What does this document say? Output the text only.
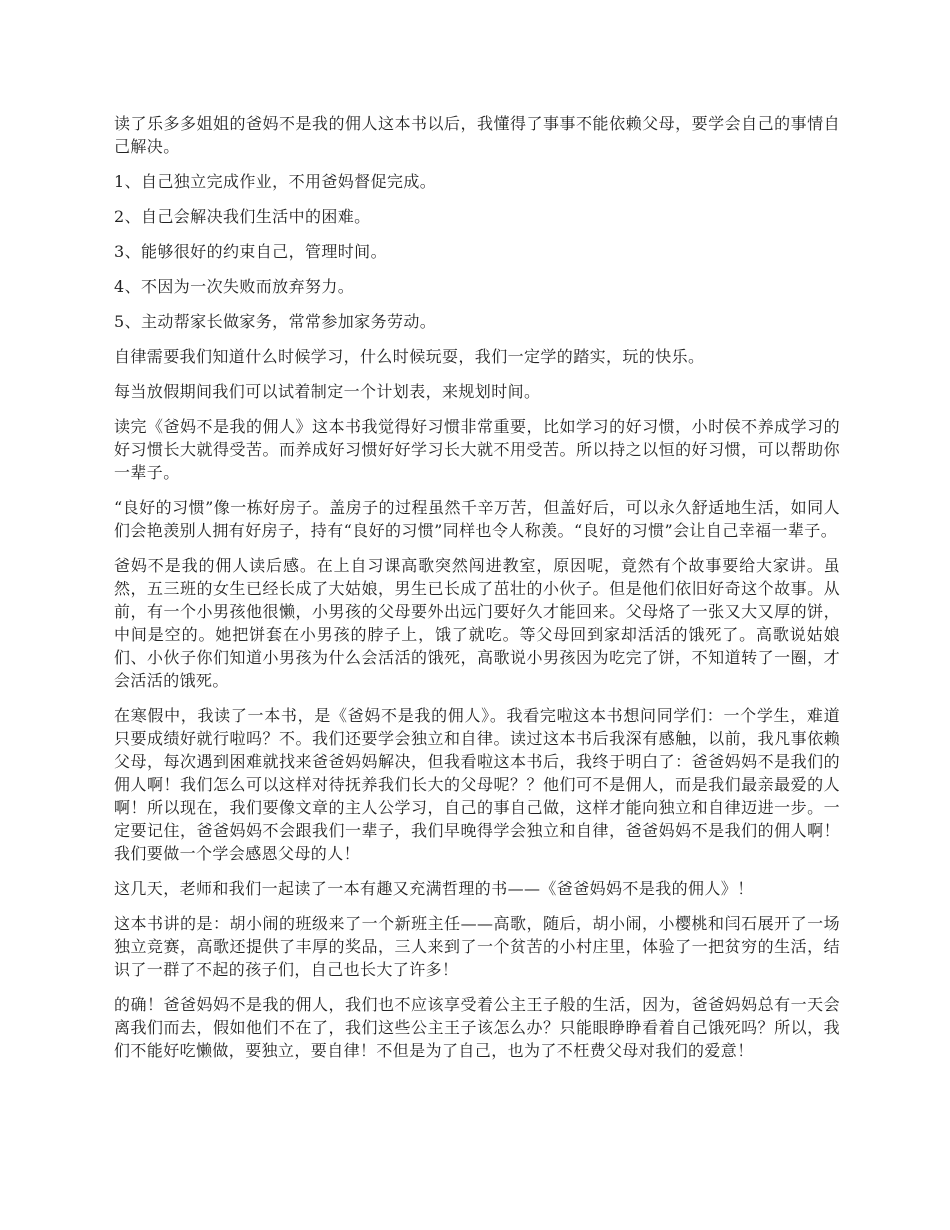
读了乐多多姐姐的爸妈不是我的佣人这本书以后，我懂得了事事不能依赖父母，要学会自己的事情自己解决。

1、自己独立完成作业，不用爸妈督促完成。

2、自己会解决我们生活中的困难。

3、能够很好的约束自己，管理时间。

4、不因为一次失败而放弃努力。

5、主动帮家长做家务，常常参加家务劳动。

自律需要我们知道什么时候学习，什么时候玩耍，我们一定学的踏实，玩的快乐。

每当放假期间我们可以试着制定一个计划表，来规划时间。

读完《爸妈不是我的佣人》这本书我觉得好习惯非常重要，比如学习的好习惯，小时侯不养成学习的好习惯长大就得受苦。而养成好习惯好好学习长大就不用受苦。所以持之以恒的好习惯，可以帮助你一辈子。

“良好的习惯”像一栋好房子。盖房子的过程虽然千辛万苦，但盖好后，可以永久舒适地生活，如同人们会艳羡别人拥有好房子，持有“良好的习惯”同样也令人称羡。“良好的习惯”会让自己幸福一辈子。

爸妈不是我的佣人读后感。在上自习课高歌突然闯进教室，原因呢，竟然有个故事要给大家讲。虽然，五三班的女生已经长成了大姑娘，男生已长成了茁壮的小伙子。但是他们依旧好奇这个故事。从前，有一个小男孩他很懒，小男孩的父母要外出远门要好久才能回来。父母烙了一张又大又厚的饼，中间是空的。她把饼套在小男孩的脖子上，饿了就吃。等父母回到家却活活的饿死了。高歌说姑娘们、小伙子你们知道小男孩为什么会活活的饿死，高歌说小男孩因为吃完了饼，不知道转了一圈，才会活活的饿死。

在寒假中，我读了一本书，是《爸妈不是我的佣人》。我看完啦这本书想问同学们：一个学生，难道只要成绩好就行啦吗？不。我们还要学会独立和自律。读过这本书后我深有感触，以前，我凡事依赖父母，每次遇到困难就找来爸爸妈妈解决，但我看啦这本书后，我终于明白了：爸爸妈妈不是我们的佣人啊！我们怎么可以这样对待抚养我们长大的父母呢？？他们可不是佣人，而是我们最亲最爱的人啊！所以现在，我们要像文章的主人公学习，自己的事自己做，这样才能向独立和自律迈进一步。一定要记住，爸爸妈妈不会跟我们一辈子，我们早晚得学会独立和自律，爸爸妈妈不是我们的佣人啊！我们要做一个学会感恩父母的人！

这几天，老师和我们一起读了一本有趣又充满哲理的书——《爸爸妈妈不是我的佣人》！

这本书讲的是：胡小闹的班级来了一个新班主任——高歌，随后，胡小闹，小樱桃和闫石展开了一场独立竞赛，高歌还提供了丰厚的奖品，三人来到了一个贫苦的小村庄里，体验了一把贫穷的生活，结识了一群了不起的孩子们，自己也长大了许多！

的确！爸爸妈妈不是我的佣人，我们也不应该享受着公主王子般的生活，因为，爸爸妈妈总有一天会离我们而去，假如他们不在了，我们这些公主王子该怎么办？只能眼睁睁看着自己饿死吗？所以，我们不能好吃懒做，要独立，要自律！不但是为了自己，也为了不枉费父母对我们的爱意！
